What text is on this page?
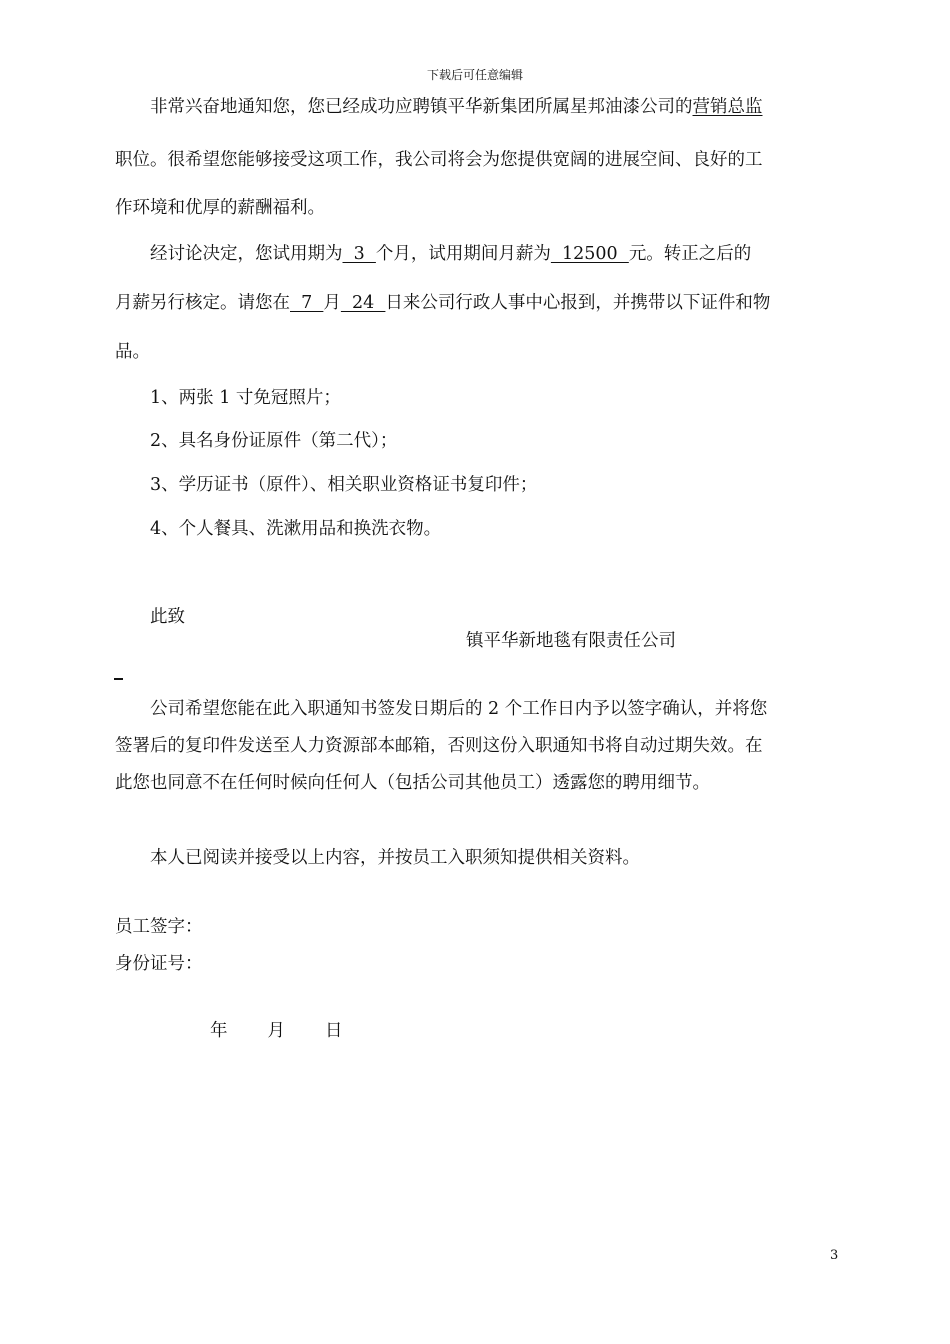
下载后可任意编辑
非常兴奋地通知您，您已经成功应聘镇平华新集团所属星邦油漆公司的营销总监
职位。很希望您能够接受这项工作，我公司将会为您提供宽阔的进展空间、良好的工
作环境和优厚的薪酬福利。
经讨论决定，您试用期为  3  个月，试用期间月薪为  12500  元。转正之后的
月薪另行核定。请您在  7  月  24  日来公司行政人事中心报到，并携带以下证件和物
品。
1、两张 1 寸免冠照片；
2、具名身份证原件（第二代）；
3、学历证书（原件）、相关职业资格证书复印件；
4、个人餐具、洗漱用品和换洗衣物。
此致
镇平华新地毯有限责任公司
公司希望您能在此入职通知书签发日期后的 2 个工作日内予以签字确认，并将您
签署后的复印件发送至人力资源部本邮箱，否则这份入职通知书将自动过期失效。在
此您也同意不在任何时候向任何人（包括公司其他员工）透露您的聘用细节。
本人已阅读并接受以上内容，并按员工入职须知提供相关资料。
员工签字：
身份证号：
年 月 日
3
